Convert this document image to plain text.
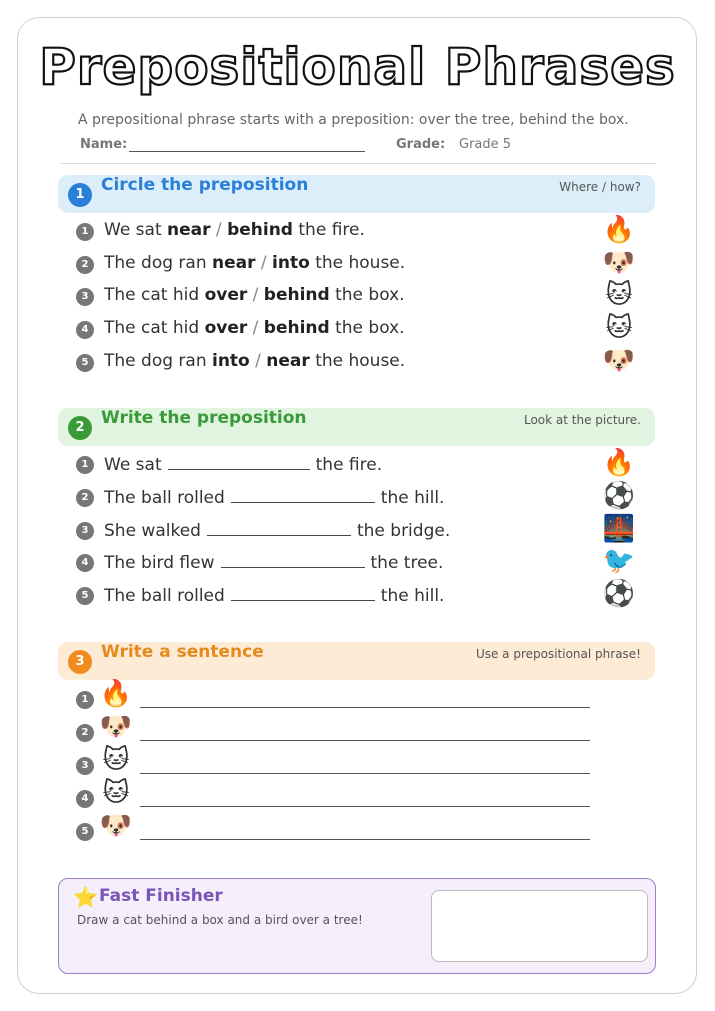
Prepositional Phrases
A prepositional phrase starts with a preposition: over the tree, behind the box.
Name:	Grade: Grade 5
1 Circle the preposition	Where / how?
1 We sat near / behind the fire.	🔥
2 The dog ran near / into the house.	🐶
3 The cat hid over / behind the box.	🐱
4 The cat hid over / behind the box.	🐱
5 The dog ran into / near the house.	🐶
2 Write the preposition	Look at the picture.
1 We sat	the fire.	🔥
2 The ball rolled	the hill.	⚽
3 She walked	the bridge.	🌉
4 The bird flew	the tree.	🐦
5 The ball rolled	the hill.	⚽
3 Write a sentence	Use a prepositional phrase!
1 🔥
2 🐶
3 🐱
4 🐱
5 🐶
⭐ Fast Finisher
Draw a cat behind a box and a bird over a tree!
